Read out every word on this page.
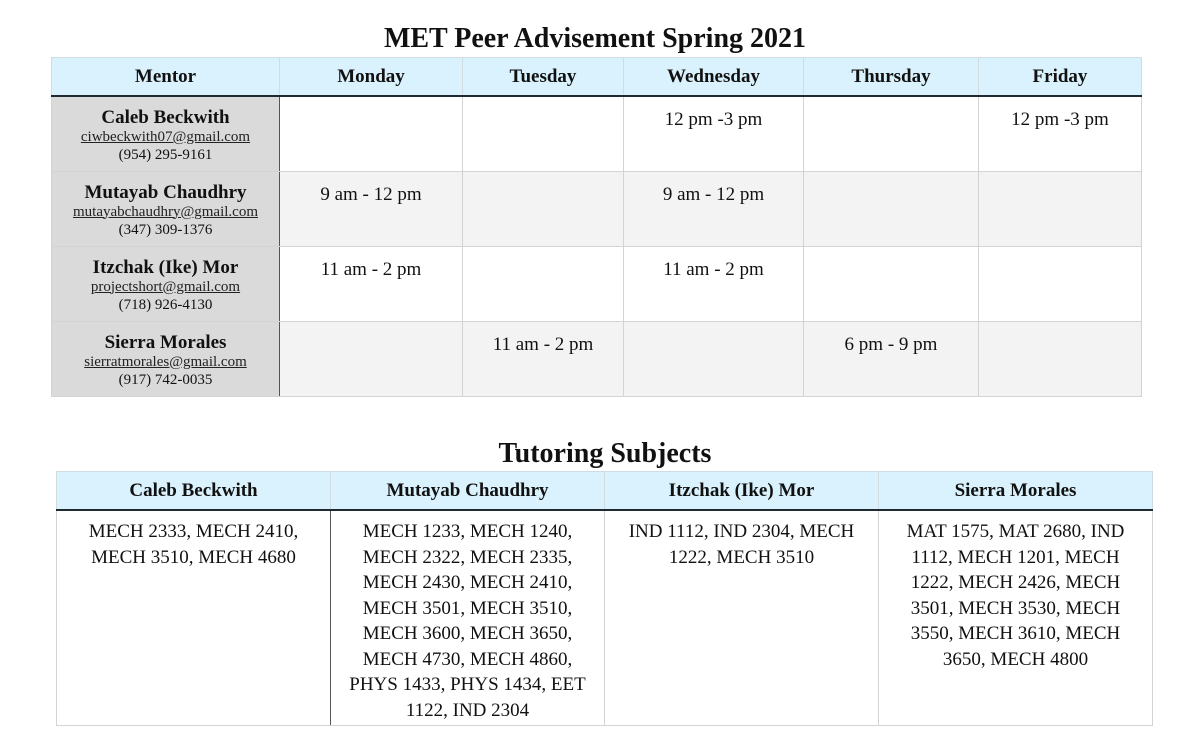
MET Peer Advisement Spring 2021
Mentor	Monday	Tuesday	Wednesday	Thursday	Friday

Caleb Beckwith
ciwbeckwith07@gmail.com
(954) 295-9161			12 pm -3 pm		12 pm -3 pm

Mutayab Chaudhry
mutayabchaudhry@gmail.com
(347) 309-1376	9 am - 12 pm		9 am - 12 pm		

Itzchak (Ike) Mor
projectshort@gmail.com
(718) 926-4130	11 am - 2 pm		11 am - 2 pm		

Sierra Morales
sierratmorales@gmail.com
(917) 742-0035		11 am - 2 pm		6 pm - 9 pm	
Tutoring Subjects
Caleb Beckwith	Mutayab Chaudhry	Itzchak (Ike) Mor	Sierra Morales
MECH 2333, MECH 2410, MECH 3510, MECH 4680	MECH 1233, MECH 1240, MECH 2322, MECH 2335, MECH 2430, MECH 2410, MECH 3501, MECH 3510, MECH 3600, MECH 3650, MECH 4730, MECH 4860, PHYS 1433, PHYS 1434, EET 1122, IND 2304	IND 1112, IND 2304, MECH 1222, MECH 3510	MAT 1575, MAT 2680, IND 1112, MECH 1201, MECH 1222, MECH 2426, MECH 3501, MECH 3530, MECH 3550, MECH 3610, MECH 3650, MECH 4800
